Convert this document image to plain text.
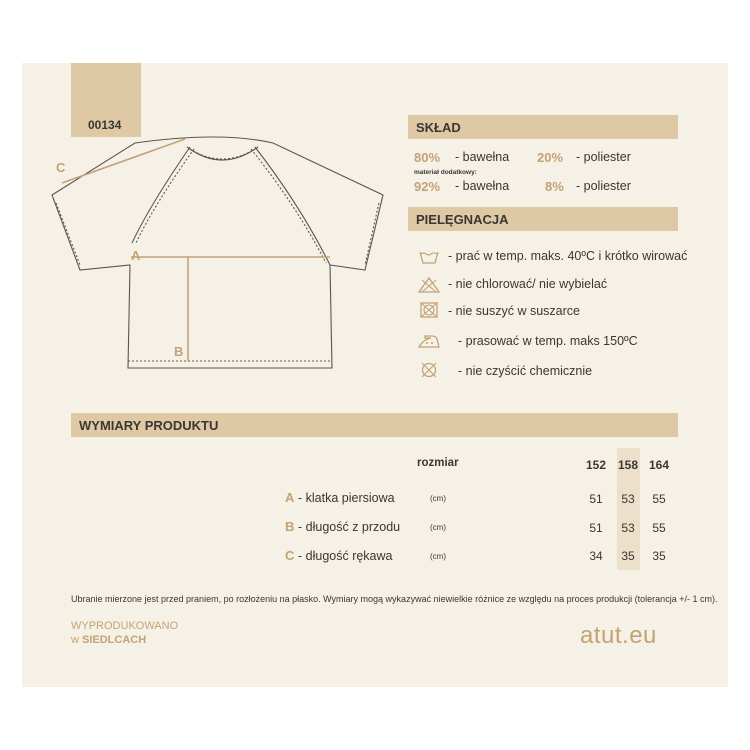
00134
A
B
C
SKŁAD
80% - bawełna 20% - poliester
materiał dodatkowy:
92% - bawełna	8% - poliester
PIELĘGNACJA
- prać w temp. maks. 40ºC i krótko wirować
- nie chlorować/ nie wybielać
- nie suszyć w suszarce
- prasować w temp. maks 150ºC
- nie czyścić chemicznie
WYMIARY PRODUKTU
rozmiar	152 158 164
A - klatka piersiowa	(cm)	51	53	55
B - długość z przodu	(cm)	51	53	55
C - długość rękawa	(cm)	34	35	35
Ubranie mierzone jest przed praniem, po rozłożeniu na płasko. Wymiary mogą wykazywać niewielkie różnice ze względu na proces produkcji (tolerancja +/- 1 cm).
WYPRODUKOWANO
w SIEDLCACH	atut.eu
